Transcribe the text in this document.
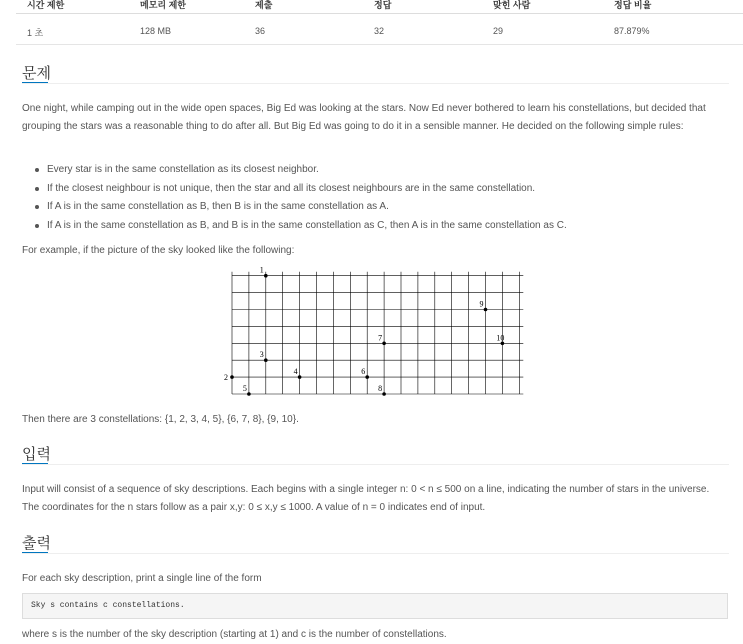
시간 제한	메모리 제한	제출	정답	맞힌 사람	정답 비율
1 초	128 MB	36	32	29	87.879%
문제

One night, while camping out in the wide open spaces, Big Ed was looking at the stars. Now Ed never bothered to learn his constellations, but decided that grouping the stars was a reasonable thing to do after all. But Big Ed was going to do it in a sensible manner. He decided on the following simple rules:

Every star is in the same constellation as its closest neighbor.
If the closest neighbour is not unique, then the star and all its closest neighbours are in the same constellation.
If A is in the same constellation as B, then B is in the same constellation as A.
If A is in the same constellation as B, and B is in the same constellation as C, then A is in the same constellation as C.

For example, if the picture of the sky looked like the following:

1
2
3
4
5
6
7
8
9
10

Then there are 3 constellations: {1, 2, 3, 4, 5}, {6, 7, 8}, {9, 10}.

입력

Input will consist of a sequence of sky descriptions. Each begins with a single integer n: 0 < n ≤ 500 on a line, indicating the number of stars in the universe. The coordinates for the n stars follow as a pair x,y: 0 ≤ x,y ≤ 1000. A value of n = 0 indicates end of input.

출력

For each sky description, print a single line of the form

Sky s contains c constellations.

where s is the number of the sky description (starting at 1) and c is the number of constellations.
